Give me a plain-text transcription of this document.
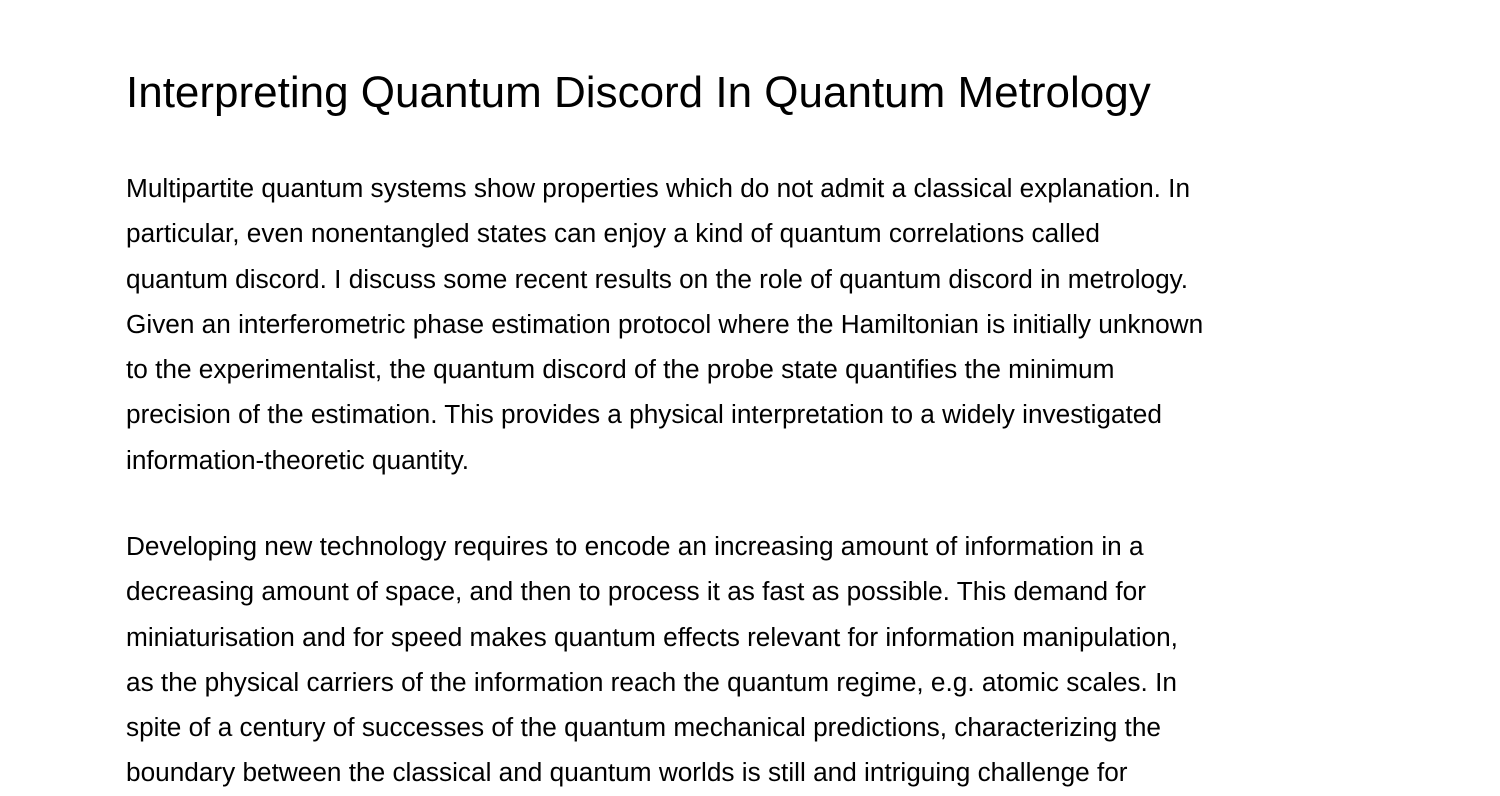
Interpreting Quantum Discord In Quantum Metrology

Multipartite quantum systems show properties which do not admit a classical explanation. In
particular, even nonentangled states can enjoy a kind of quantum correlations called
quantum discord. I discuss some recent results on the role of quantum discord in metrology.
Given an interferometric phase estimation protocol where the Hamiltonian is initially unknown
to the experimentalist, the quantum discord of the probe state quantifies the minimum
precision of the estimation. This provides a physical interpretation to a widely investigated
information-theoretic quantity.

Developing new technology requires to encode an increasing amount of information in a
decreasing amount of space, and then to process it as fast as possible. This demand for
miniaturisation and for speed makes quantum effects relevant for information manipulation,
as the physical carriers of the information reach the quantum regime, e.g. atomic scales. In
spite of a century of successes of the quantum mechanical predictions, characterizing the
boundary between the classical and quantum worlds is still and intriguing challenge for
